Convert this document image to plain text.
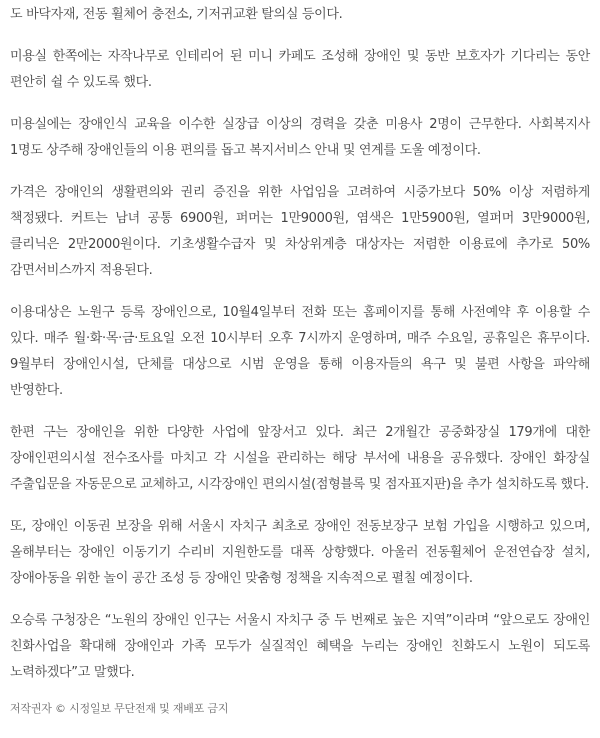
도 바닥자재, 전동 휠체어 충전소, 기저귀교환 탈의실 등이다.

미용실 한쪽에는 자작나무로 인테리어 된 미니 카페도 조성해 장애인 및 동반 보호자가 기다리는 동안 편안히 쉴 수 있도록 했다.

미용실에는 장애인식 교육을 이수한 실장급 이상의 경력을 갖춘 미용사 2명이 근무한다. 사회복지사 1명도 상주해 장애인들의 이용 편의를 돕고 복지서비스 안내 및 연계를 도울 예정이다.

가격은 장애인의 생활편의와 권리 증진을 위한 사업임을 고려하여 시중가보다 50% 이상 저렴하게 책정됐다. 커트는 남녀 공통 6900원, 퍼머는 1만9000원, 염색은 1만5900원, 열퍼머 3만9000원, 클리닉은 2만2000원이다. 기초생활수급자 및 차상위계층 대상자는 저렴한 이용료에 추가로 50% 감면서비스까지 적용된다.

이용대상은 노원구 등록 장애인으로, 10월4일부터 전화 또는 홈페이지를 통해 사전예약 후 이용할 수 있다. 매주 월·화·목·금·토요일 오전 10시부터 오후 7시까지 운영하며, 매주 수요일, 공휴일은 휴무이다. 9월부터 장애인시설, 단체를 대상으로 시범 운영을 통해 이용자들의 욕구 및 불편 사항을 파악해 반영한다.

한편 구는 장애인을 위한 다양한 사업에 앞장서고 있다. 최근 2개월간 공중화장실 179개에 대한 장애인편의시설 전수조사를 마치고 각 시설을 관리하는 해당 부서에 내용을 공유했다. 장애인 화장실 주출입문을 자동문으로 교체하고, 시각장애인 편의시설(점형블록 및 점자표지판)을 추가 설치하도록 했다.

또, 장애인 이동권 보장을 위해 서울시 자치구 최초로 장애인 전동보장구 보험 가입을 시행하고 있으며, 올해부터는 장애인 이동기기 수리비 지원한도를 대폭 상향했다. 아울러 전동휠체어 운전연습장 설치, 장애아동을 위한 놀이 공간 조성 등 장애인 맞춤형 정책을 지속적으로 펼칠 예정이다.

오승록 구청장은 “노원의 장애인 인구는 서울시 자치구 중 두 번째로 높은 지역”이라며 “앞으로도 장애인 친화사업을 확대해 장애인과 가족 모두가 실질적인 혜택을 누리는 장애인 친화도시 노원이 되도록 노력하겠다”고 말했다.

저작권자 © 시정일보 무단전재 및 재배포 금지
